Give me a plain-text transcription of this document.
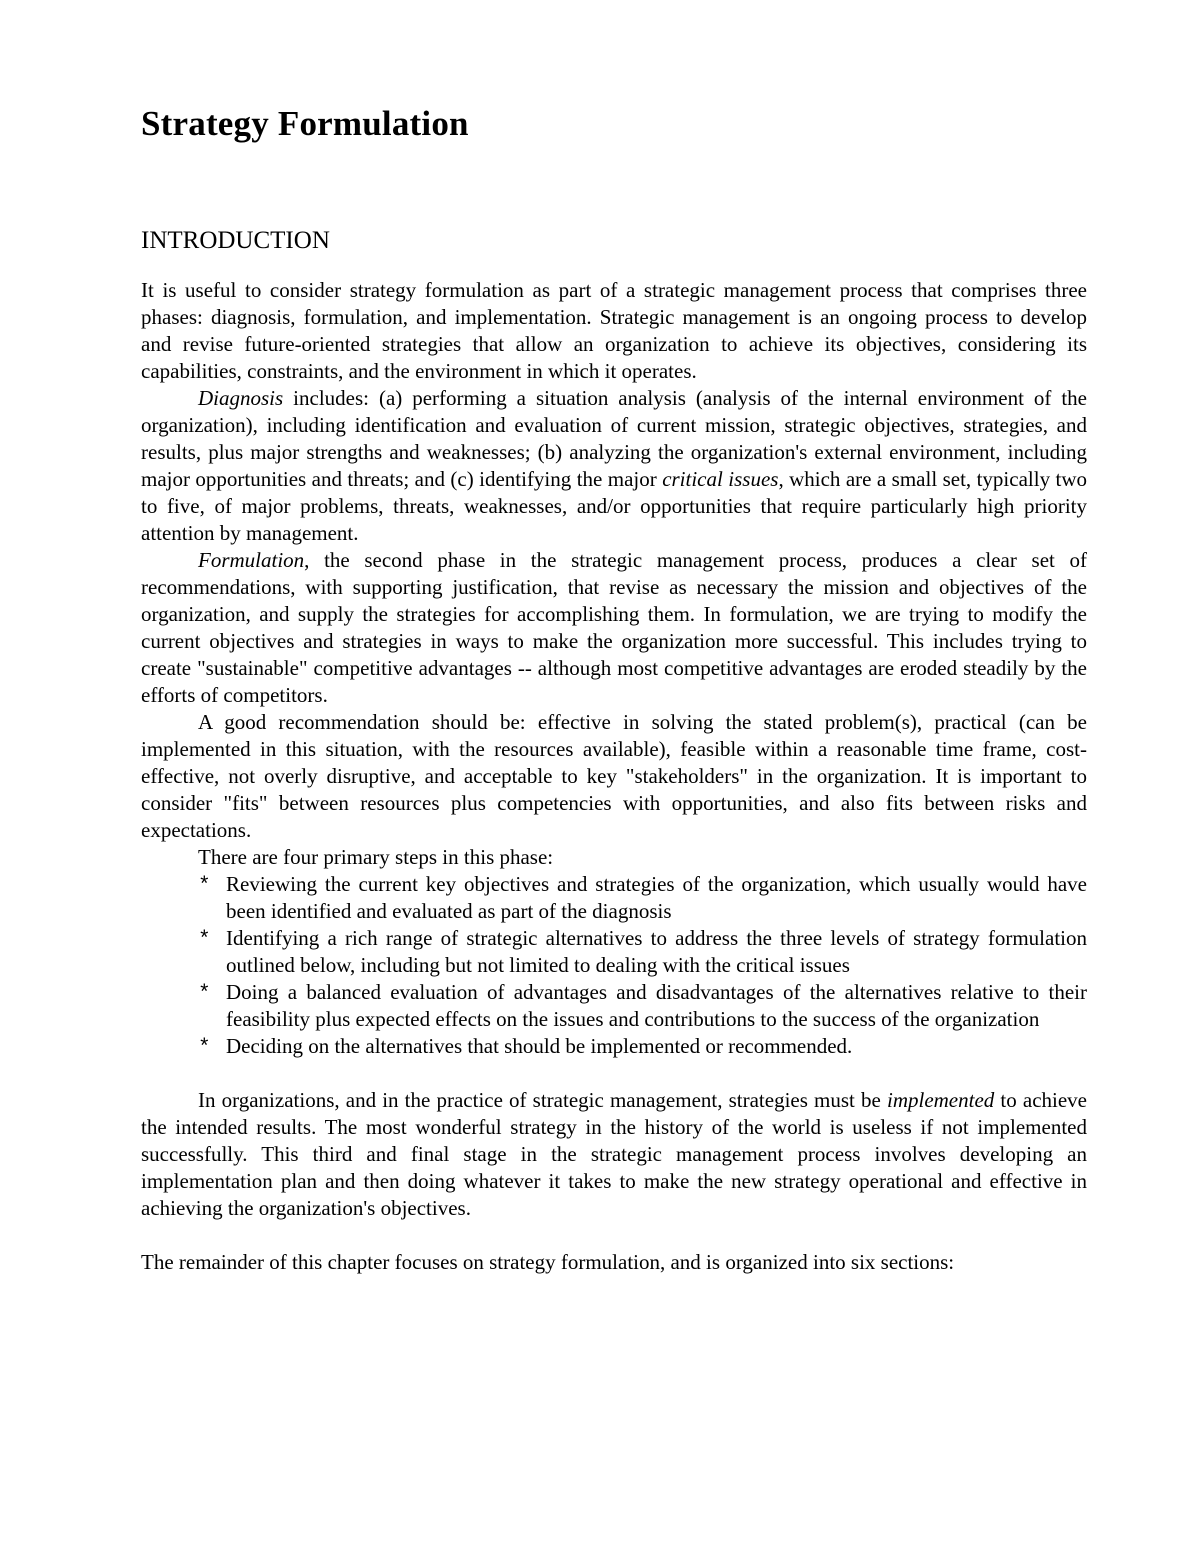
Strategy Formulation
INTRODUCTION

It is useful to consider strategy formulation as part of a strategic management process that comprises three phases: diagnosis, formulation, and implementation. Strategic management is an ongoing process to develop and revise future-oriented strategies that allow an organization to achieve its objectives, considering its capabilities, constraints, and the environment in which it operates.

Diagnosis includes: (a) performing a situation analysis (analysis of the internal environment of the organization), including identification and evaluation of current mission, strategic objectives, strategies, and results, plus major strengths and weaknesses; (b) analyzing the organization's external environment, including major opportunities and threats; and (c) identifying the major critical issues, which are a small set, typically two to five, of major problems, threats, weaknesses, and/or opportunities that require particularly high priority attention by management.

Formulation, the second phase in the strategic management process, produces a clear set of recommendations, with supporting justification, that revise as necessary the mission and objectives of the organization, and supply the strategies for accomplishing them. In formulation, we are trying to modify the current objectives and strategies in ways to make the organization more successful. This includes trying to create "sustainable" competitive advantages -- although most competitive advantages are eroded steadily by the efforts of competitors.

A good recommendation should be: effective in solving the stated problem(s), practical (can be implemented in this situation, with the resources available), feasible within a reasonable time frame, cost-effective, not overly disruptive, and acceptable to key "stakeholders" in the organization. It is important to consider "fits" between resources plus competencies with opportunities, and also fits between risks and expectations.

There are four primary steps in this phase:

* Reviewing the current key objectives and strategies of the organization, which usually would have been identified and evaluated as part of the diagnosis
* Identifying a rich range of strategic alternatives to address the three levels of strategy formulation outlined below, including but not limited to dealing with the critical issues
* Doing a balanced evaluation of advantages and disadvantages of the alternatives relative to their feasibility plus expected effects on the issues and contributions to the success of the organization
* Deciding on the alternatives that should be implemented or recommended.

In organizations, and in the practice of strategic management, strategies must be implemented to achieve the intended results. The most wonderful strategy in the history of the world is useless if not implemented successfully. This third and final stage in the strategic management process involves developing an implementation plan and then doing whatever it takes to make the new strategy operational and effective in achieving the organization's objectives.

The remainder of this chapter focuses on strategy formulation, and is organized into six sections:
